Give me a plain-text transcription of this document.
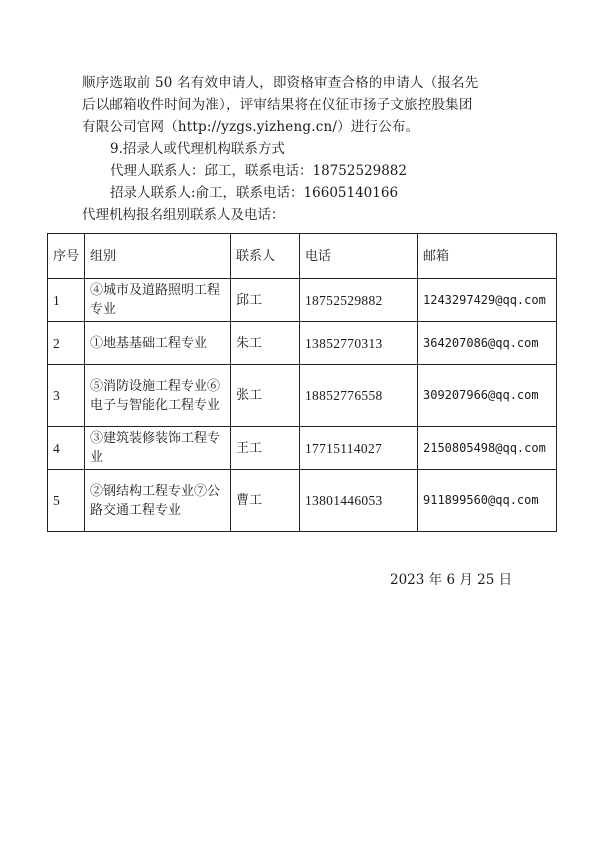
顺序选取前 50 名有效申请人，即资格审查合格的申请人（报名先
后以邮箱收件时间为准），评审结果将在仪征市扬子文旅控股集团
有限公司官网（http://yzgs.yizheng.cn/）进行公布。
9.招录人或代理机构联系方式
代理人联系人：邱工，联系电话：18752529882
招录人联系人:俞工，联系电话：16605140166
代理机构报名组别联系人及电话：
序号	组别	联系人	电话	邮箱
1	④城市及道路照明工程专业	邱工	18752529882	1243297429@qq.com
2	①地基基础工程专业	朱工	13852770313	364207086@qq.com
3	⑤消防设施工程专业⑥电子与智能化工程专业	张工	18852776558	309207966@qq.com
4	③建筑装修装饰工程专业	王工	17715114027	2150805498@qq.com
5	②钢结构工程专业⑦公路交通工程专业	曹工	13801446053	911899560@qq.com
2023 年 6 月 25 日
